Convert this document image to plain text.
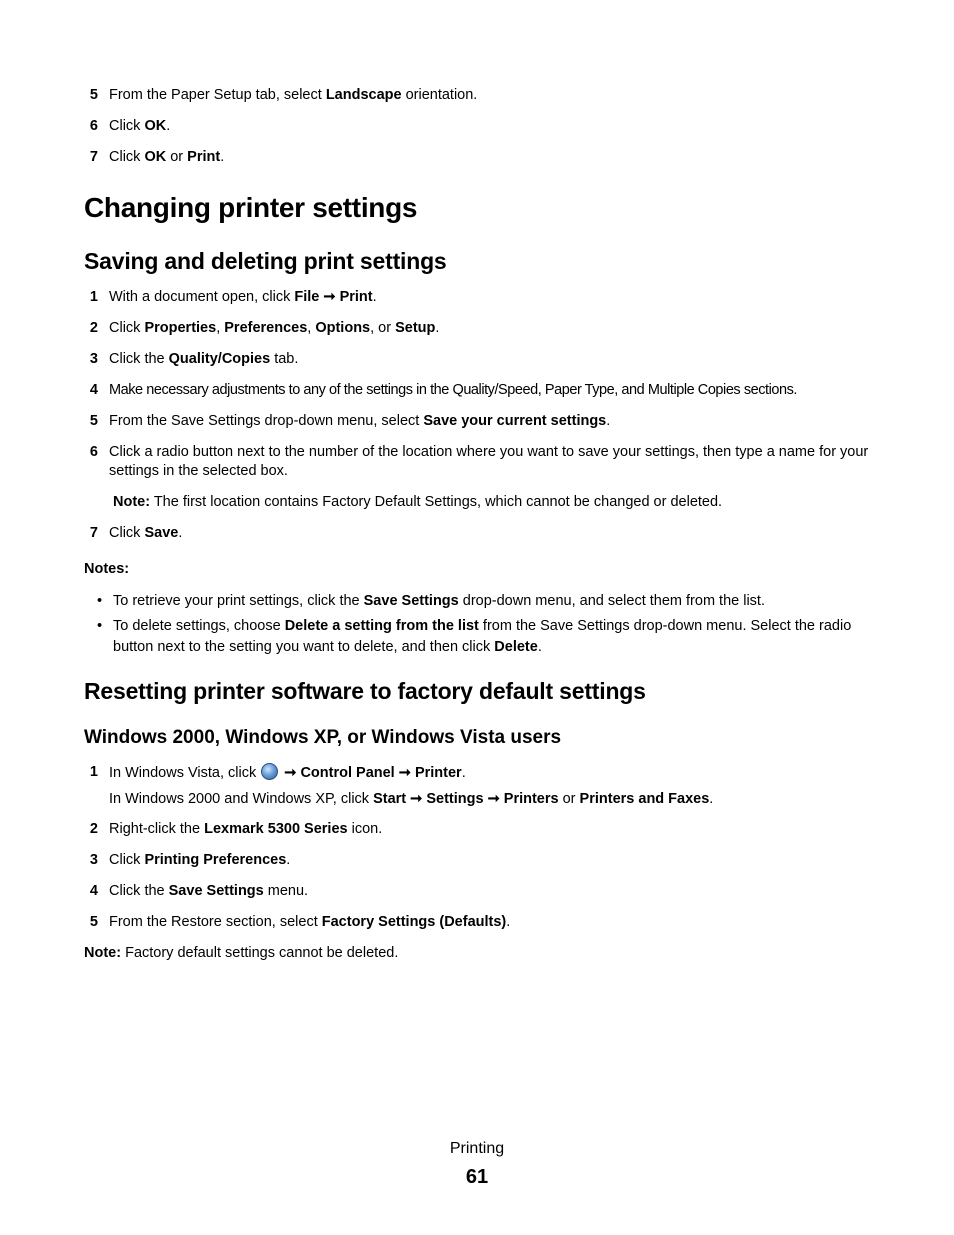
5 From the Paper Setup tab, select Landscape orientation.
6 Click OK.
7 Click OK or Print.
Changing printer settings
Saving and deleting print settings
1 With a document open, click File ➞ Print.
2 Click Properties, Preferences, Options, or Setup.
3 Click the Quality/Copies tab.
4 Make necessary adjustments to any of the settings in the Quality/Speed, Paper Type, and Multiple Copies sections.
5 From the Save Settings drop-down menu, select Save your current settings.
6 Click a radio button next to the number of the location where you want to save your settings, then type a name for your settings in the selected box.
Note: The first location contains Factory Default Settings, which cannot be changed or deleted.
7 Click Save.
Notes:
• To retrieve your print settings, click the Save Settings drop-down menu, and select them from the list.
• To delete settings, choose Delete a setting from the list from the Save Settings drop-down menu. Select the radio button next to the setting you want to delete, and then click Delete.
Resetting printer software to factory default settings
Windows 2000, Windows XP, or Windows Vista users
1 In Windows Vista, click  ➞ Control Panel ➞ Printer.
In Windows 2000 and Windows XP, click Start ➞ Settings ➞ Printers or Printers and Faxes.
2 Right-click the Lexmark 5300 Series icon.
3 Click Printing Preferences.
4 Click the Save Settings menu.
5 From the Restore section, select Factory Settings (Defaults).
Note: Factory default settings cannot be deleted.
Printing
61
